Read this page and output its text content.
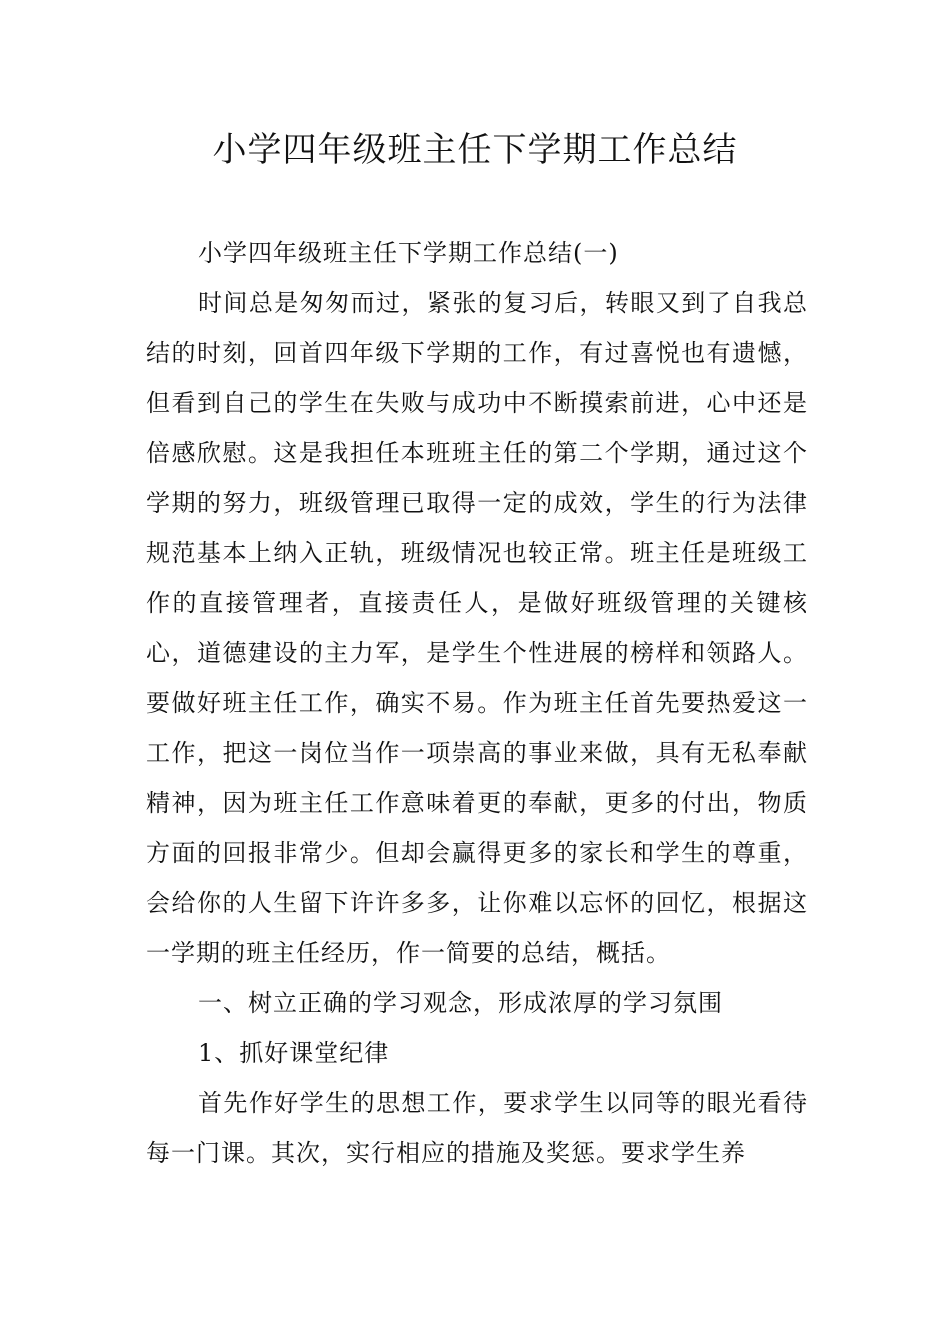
小学四年级班主任下学期工作总结

小学四年级班主任下学期工作总结(一)

时间总是匆匆而过，紧张的复习后，转眼又到了自我总结的时刻，回首四年级下学期的工作，有过喜悦也有遗憾，但看到自己的学生在失败与成功中不断摸索前进，心中还是倍感欣慰。这是我担任本班班主任的第二个学期，通过这个学期的努力，班级管理已取得一定的成效，学生的行为法律规范基本上纳入正轨，班级情况也较正常。班主任是班级工作的直接管理者，直接责任人，是做好班级管理的关键核心，道德建设的主力军，是学生个性进展的榜样和领路人。要做好班主任工作，确实不易。作为班主任首先要热爱这一工作，把这一岗位当作一项崇高的事业来做，具有无私奉献精神，因为班主任工作意味着更的奉献，更多的付出，物质方面的回报非常少。但却会赢得更多的家长和学生的尊重，会给你的人生留下许许多多，让你难以忘怀的回忆，根据这一学期的班主任经历，作一简要的总结，概括。

一、树立正确的学习观念，形成浓厚的学习氛围

1、抓好课堂纪律

首先作好学生的思想工作，要求学生以同等的眼光看待每一门课。其次，实行相应的措施及奖惩。要求学生养
